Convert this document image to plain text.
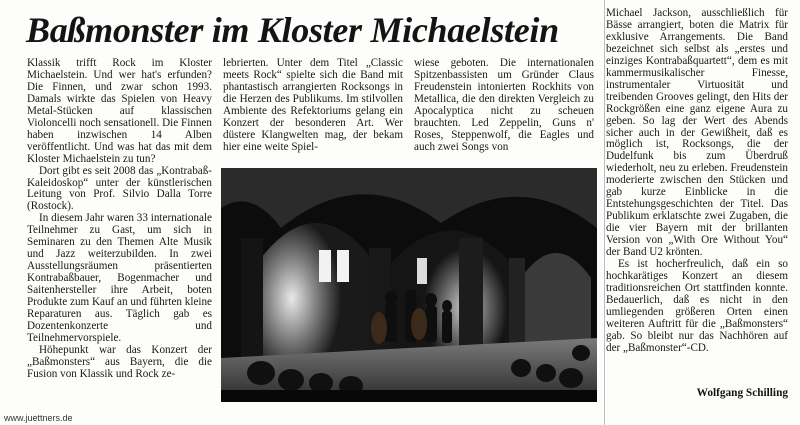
Baßmonster im Kloster Michaelstein

Klassik trifft Rock im Kloster Michaelstein. Und wer hat's erfunden? Die Finnen, und zwar schon 1993. Damals wirkte das Spielen von Heavy Metal-Stücken auf klassischen Violoncelli noch sensationell. Die Finnen haben inzwischen 14 Alben veröffentlicht. Und was hat das mit dem Kloster Michaelstein zu tun?

Dort gibt es seit 2008 das „Kontrabaß-Kaleidoskop“ unter der künstlerischen Leitung von Prof. Silvio Dalla Torre (Rostock).

In diesem Jahr waren 33 internationale Teilnehmer zu Gast, um sich in Seminaren zu den Themen Alte Musik und Jazz weiterzubilden. In zwei Ausstellungsräumen präsentierten Kontrabaßbauer, Bogenmacher und Saitenhersteller ihre Arbeit, boten Produkte zum Kauf an und führten kleine Reparaturen aus. Täglich gab es Dozentenkonzerte und Teilnehmervorspiele.

Höhepunkt war das Konzert der „Baßmonsters“ aus Bayern, die die Fusion von Klassik und Rock ze-

lebrierten. Unter dem Titel „Classic meets Rock“ spielte sich die Band mit phantastisch arrangierten Rocksongs in die Herzen des Publikums. Im stilvollen Ambiente des Refektoriums gelang ein Konzert der besonderen Art. Wer düstere Klangwelten mag, der bekam hier eine weite Spiel-

wiese geboten. Die internationalen Spitzenbassisten um Gründer Claus Freudenstein intonierten Rockhits von Metallica, die den direkten Vergleich zu Apocalyptica nicht zu scheuen brauchten. Led Zeppelin, Guns n' Roses, Steppenwolf, die Eagles und auch zwei Songs von

Michael Jackson, ausschließlich für Bässe arrangiert, boten die Matrix für exklusive Arrangements. Die Band bezeichnet sich selbst als „erstes und einziges Kontrabaßquartett“, dem es mit kammermusikalischer Finesse, instrumentaler Virtuosität und treibenden Grooves gelingt, den Hits der Rockgrößen eine ganz eigene Aura zu geben. So lag der Wert des Abends sicher auch in der Gewißheit, daß es möglich ist, Rocksongs, die der Dudelfunk bis zum Überdruß wiederholt, neu zu erleben. Freudenstein moderierte zwischen den Stücken und gab kurze Einblicke in die Entstehungsgeschichten der Titel. Das Publikum erklatschte zwei Zugaben, die die vier Bayern mit der brillanten Version von „With Ore Without You“ der Band U2 krönten.

Es ist hocherfreulich, daß ein so hochkarätiges Konzert an diesem traditionsreichen Ort stattfinden konnte. Bedauerlich, daß es nicht in den umliegenden größeren Orten einen weiteren Auftritt für die „Baßmonsters“ gab. So bleibt nur das Nachhören auf der „Baßmonster“-CD.

Wolfgang Schilling
www.juettners.de
